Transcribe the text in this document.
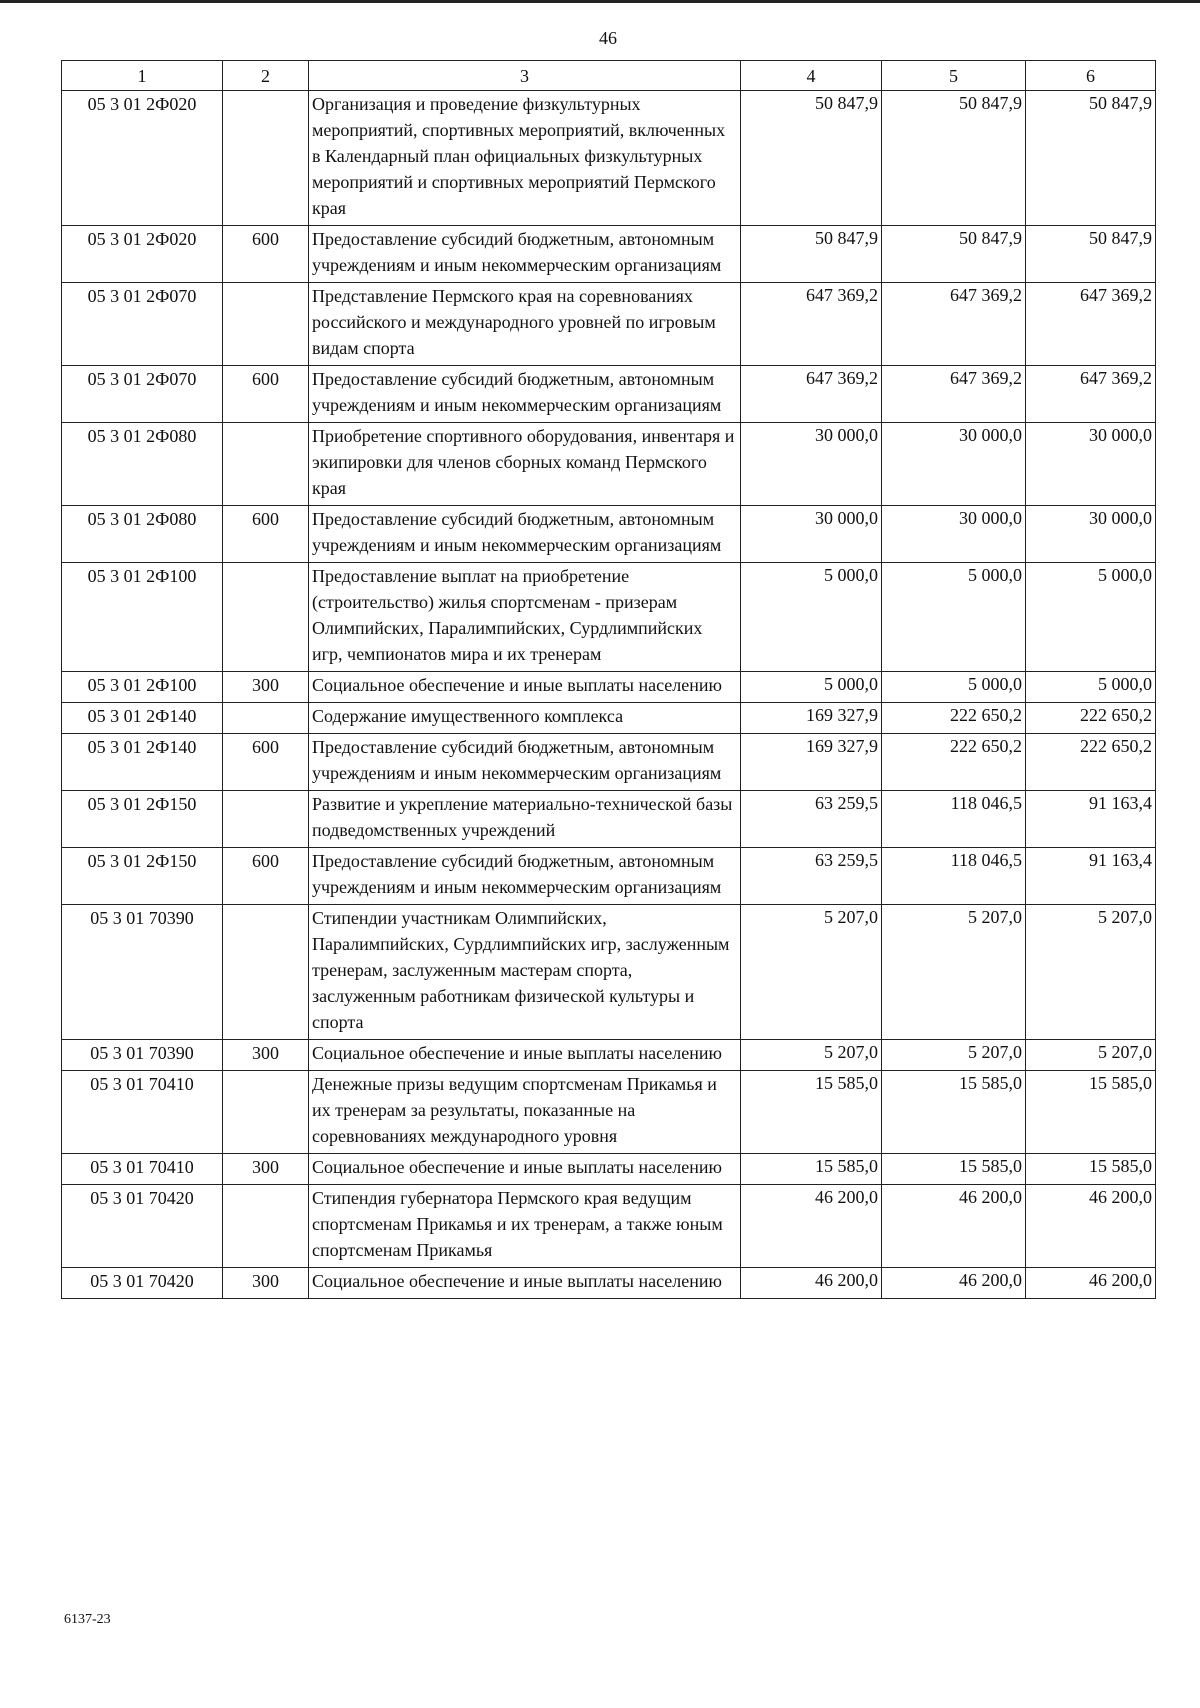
46
1	2	3	4	5	6
05 3 01 2Ф020		Организация и проведение физкультурных мероприятий, спортивных мероприятий, включенных в Календарный план официальных физкультурных мероприятий и спортивных мероприятий Пермского края	50 847,9	50 847,9	50 847,9
05 3 01 2Ф020	600	Предоставление субсидий бюджетным, автономным учреждениям и иным некоммерческим организациям	50 847,9	50 847,9	50 847,9
05 3 01 2Ф070		Представление Пермского края на соревнованиях российского и международного уровней по игровым видам спорта	647 369,2	647 369,2	647 369,2
05 3 01 2Ф070	600	Предоставление субсидий бюджетным, автономным учреждениям и иным некоммерческим организациям	647 369,2	647 369,2	647 369,2
05 3 01 2Ф080		Приобретение спортивного оборудования, инвентаря и экипировки для членов сборных команд Пермского края	30 000,0	30 000,0	30 000,0
05 3 01 2Ф080	600	Предоставление субсидий бюджетным, автономным учреждениям и иным некоммерческим организациям	30 000,0	30 000,0	30 000,0
05 3 01 2Ф100		Предоставление выплат на приобретение (строительство) жилья спортсменам - призерам Олимпийских, Паралимпийских, Сурдлимпийских игр, чемпионатов мира и их тренерам	5 000,0	5 000,0	5 000,0
05 3 01 2Ф100	300	Социальное обеспечение и иные выплаты населению	5 000,0	5 000,0	5 000,0
05 3 01 2Ф140		Содержание имущественного комплекса	169 327,9	222 650,2	222 650,2
05 3 01 2Ф140	600	Предоставление субсидий бюджетным, автономным учреждениям и иным некоммерческим организациям	169 327,9	222 650,2	222 650,2
05 3 01 2Ф150		Развитие и укрепление материально-технической базы подведомственных учреждений	63 259,5	118 046,5	91 163,4
05 3 01 2Ф150	600	Предоставление субсидий бюджетным, автономным учреждениям и иным некоммерческим организациям	63 259,5	118 046,5	91 163,4
05 3 01 70390		Стипендии участникам Олимпийских, Паралимпийских, Сурдлимпийских игр, заслуженным тренерам, заслуженным мастерам спорта, заслуженным работникам физической культуры и спорта	5 207,0	5 207,0	5 207,0
05 3 01 70390	300	Социальное обеспечение и иные выплаты населению	5 207,0	5 207,0	5 207,0
05 3 01 70410		Денежные призы ведущим спортсменам Прикамья и их тренерам за результаты, показанные на соревнованиях международного уровня	15 585,0	15 585,0	15 585,0
05 3 01 70410	300	Социальное обеспечение и иные выплаты населению	15 585,0	15 585,0	15 585,0
05 3 01 70420		Стипендия губернатора Пермского края ведущим спортсменам Прикамья и их тренерам, а также юным спортсменам Прикамья	46 200,0	46 200,0	46 200,0
05 3 01 70420	300	Социальное обеспечение и иные выплаты населению	46 200,0	46 200,0	46 200,0
6137-23
